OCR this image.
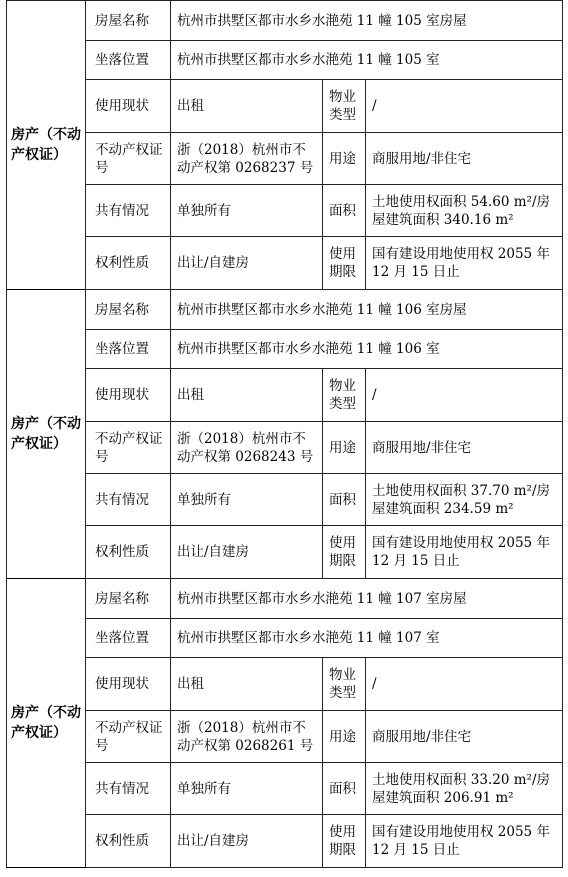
房产（不动产权证）	房屋名称	杭州市拱墅区都市水乡水滟苑 11 幢 105 室房屋		
	坐落位置	杭州市拱墅区都市水乡水滟苑 11 幢 105 室		
	使用现状	出租	物业类型	/
	不动产权证号	浙（2018）杭州市不动产权第 0268237 号	用途	商服用地/非住宅
	共有情况	单独所有	面积	土地使用权面积 54.60 m²/房屋建筑面积 340.16 m²
	权利性质	出让/自建房	使用期限	国有建设用地使用权 2055 年 12 月 15 日止
房产（不动产权证）	房屋名称	杭州市拱墅区都市水乡水滟苑 11 幢 106 室房屋		
	坐落位置	杭州市拱墅区都市水乡水滟苑 11 幢 106 室		
	使用现状	出租	物业类型	/
	不动产权证号	浙（2018）杭州市不动产权第 0268243 号	用途	商服用地/非住宅
	共有情况	单独所有	面积	土地使用权面积 37.70 m²/房屋建筑面积 234.59 m²
	权利性质	出让/自建房	使用期限	国有建设用地使用权 2055 年 12 月 15 日止
房产（不动产权证）	房屋名称	杭州市拱墅区都市水乡水滟苑 11 幢 107 室房屋		
	坐落位置	杭州市拱墅区都市水乡水滟苑 11 幢 107 室		
	使用现状	出租	物业类型	/
	不动产权证号	浙（2018）杭州市不动产权第 0268261 号	用途	商服用地/非住宅
	共有情况	单独所有	面积	土地使用权面积 33.20 m²/房屋建筑面积 206.91 m²
	权利性质	出让/自建房	使用期限	国有建设用地使用权 2055 年 12 月 15 日止
